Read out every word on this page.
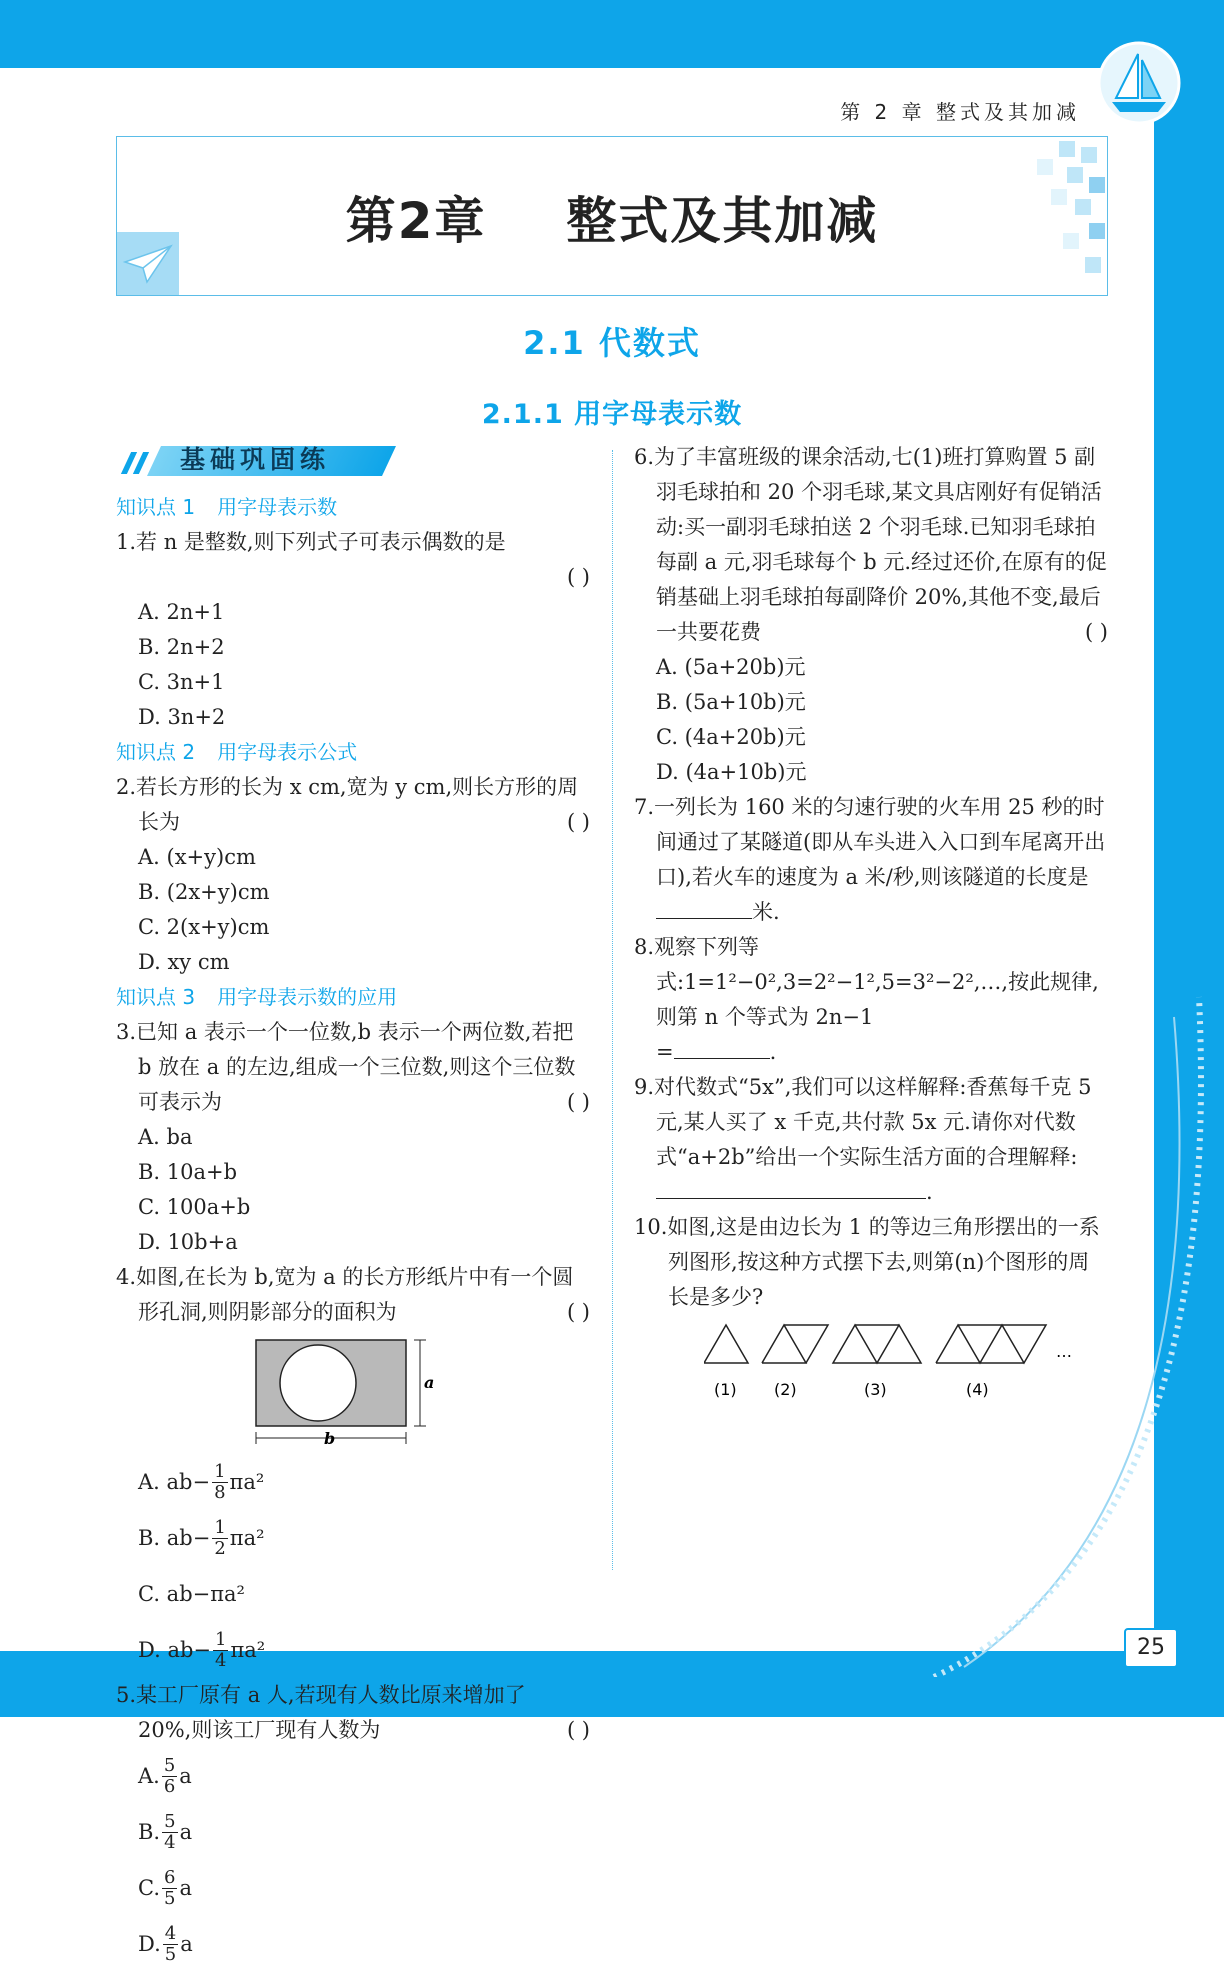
第 2 章 整式及其加减
第2章 整式及其加减
2.1 代数式
2.1.1 用字母表示数
基础巩固练
知识点 1 用字母表示数
1.若 n 是整数,则下列式子可表示偶数的是
( )
A. 2n+1
B. 2n+2
C. 3n+1
D. 3n+2
知识点 2 用字母表示公式
( )
2.若长方形的长为 x cm,宽为 y cm,则长方形的周长为
A. (x+y)cm
B. (2x+y)cm
C. 2(x+y)cm
D. xy cm
知识点 3 用字母表示数的应用
( )
3.已知 a 表示一个一位数,b 表示一个两位数,若把 b 放在 a 的左边,组成一个三位数,则这个三位数可表示为
A. ba
B. 10a+b
C. 100a+b
D. 10b+a
( )
4.如图,在长为 b,宽为 a 的长方形纸片中有一个圆形孔洞,则阴影部分的面积为
a
b
A. $ab- \frac{1}{8} \pi a^2$
B. $ab- \frac{1}{2} \pi a^2$
C. ab−πa²
D. $ab- \frac{1}{4} \pi a^2$
( )
5.某工厂原有 a 人,若现有人数比原来增加了 20%,则该工厂现有人数为
A. $\frac{5}{6}$ a
B. $\frac{5}{4}$ a
C. $\frac{6}{5}$ a
D. $\frac{4}{5}$ a
6.为了丰富班级的课余活动,七(1)班打算购置 5 副羽毛球拍和 20 个羽毛球,某文具店刚好有促销活动:买一副羽毛球拍送 2 个羽毛球.已知羽毛球拍每副 a 元,羽毛球每个 b 元.经过还价,在原有的促销基础上羽毛球拍每副降价 20%,其他不变,最后一共要花费	( )
A. (5a+20b)元
B. (5a+10b)元
C. (4a+20b)元
D. (4a+10b)元
7.一列长为 160 米的匀速行驶的火车用 25 秒的时间通过了某隧道(即从车头进入入口到车尾离开出口),若火车的速度为 a 米/秒,则该隧道的长度是米.
8.观察下列等式:1=1²−0²,3=2²−1²,5=3²−2²,…,按此规律,则第 n 个等式为 2n−1
=	.
9.对代数式“5x”,我们可以这样解释:香蕉每千克 5 元,某人买了 x 千克,共付款 5x 元.请你对代数式“a+2b”给出一个实际生活方面的合理解释:.
10.如图,这是由边长为 1 的等边三角形摆出的一系列图形,按这种方式摆下去,则第(n)个图形的周长是多少?
…
(1) (2)	(3)	(4)
25
